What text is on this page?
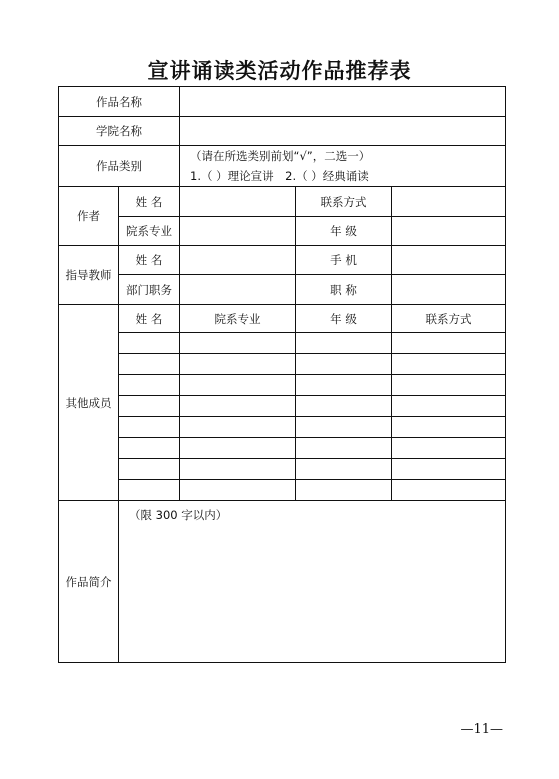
宣讲诵读类活动作品推荐表
作品名称				
学院名称				
作品类别		（请在所选类别前划“√”，二选一）
1.（ ）理论宣讲　2.（ ）经典诵读		

作者	姓 名		联系方式	
	院系专业		年 级	
指导教师	姓 名		手 机	
	部门职务		职 称	
其他成员	姓 名	院系专业	年 级	联系方式

作品简介	（限 300 字以内）			
—11—
